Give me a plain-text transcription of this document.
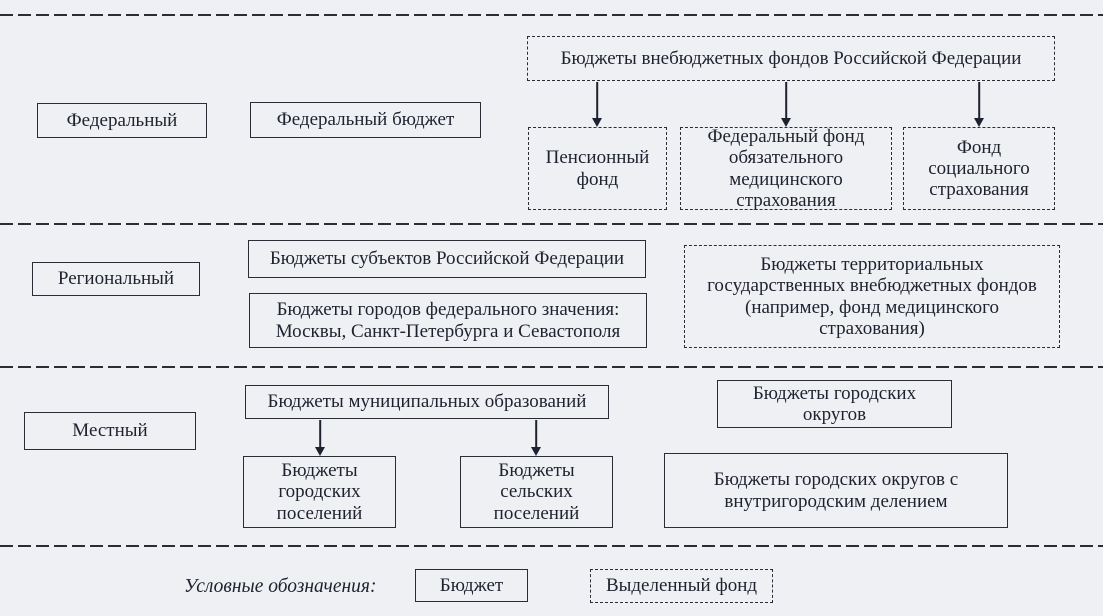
Федеральный	Федеральный бюджет
Бюджеты внебюджетных фондов Российской Федерации
Пенсионный фонд
Федеральный фонд обязательного медицинского страхования
Фонд социального страхования
Региональный
Бюджеты субъектов Российской Федерации
Бюджеты городов федерального значения: Москвы, Санкт-Петербурга и Севастополя
Бюджеты территориальных государственных внебюджетных фондов (например, фонд медицинского страхования)
Местный
Бюджеты муниципальных образований
Бюджеты городских поселений
Бюджеты сельских поселений
Бюджеты городских округов
Бюджеты городских округов с внутригородским делением
Условные обозначения:	Бюджет	Выделенный фонд
